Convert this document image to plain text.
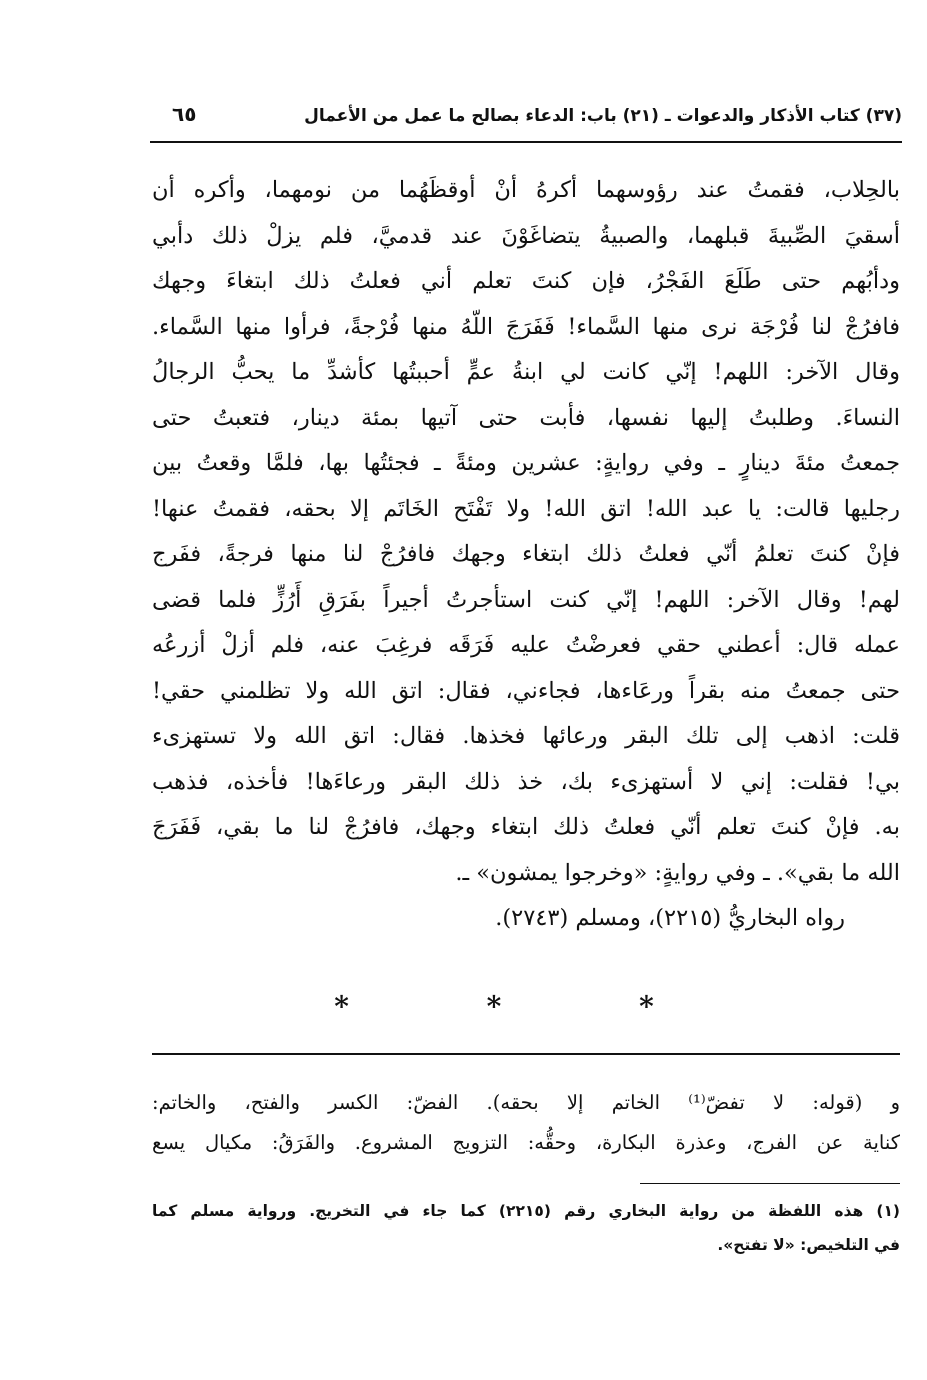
(٣٧) كتاب الأذكار والدعوات ـ (٢١) باب: الدعاء بصالح ما عمل من الأعمال
٦٥
بالحِلاب، فقمتُ عند رؤوسهما أكرهُ أنْ أوقظَهُما من نومهما، وأكره أن
أسقيَ الصِّبيةَ قبلهما، والصبيةُ يتضاغَوْنَ عند قدميَّ، فلم يزلْ ذلك دأبي
ودأبُهم حتى طَلَعَ الفَجْرُ، فإن كنتَ تعلم أني فعلتُ ذلك ابتغاءَ وجهك
فافرُجْ لنا فُرْجَة نرى منها السَّماء! فَفَرَجَ اللّهُ منها فُرْجةً، فرأوا منها السَّماء.
وقال الآخر: اللهم! إنّي كانت لي ابنةُ عمٍّ أحببتُها كأشدِّ ما يحبُّ الرجالُ
النساءَ. وطلبتُ إليها نفسها، فأبت حتى آتيها بمئة دينار، فتعبتُ حتى
جمعتُ مئةَ دينارٍ ـ وفي روايةٍ: عشرين ومئةً ـ فجئتُها بها، فلمَّا وقعتُ بين
رجليها قالت: يا عبد الله! اتق الله! ولا تَفْتَح الخَاتَم إلا بحقه، فقمتُ عنها!
فإنْ كنتَ تعلمُ أنّي فعلتُ ذلك ابتغاء وجهك فافرُجْ لنا منها فرجةً، ففَرج
لهم! وقال الآخر: اللهم! إنّي كنت استأجرتُ أجيراً بفَرَقِ أَرُزٍّ فلما قضى
عمله قال: أعطني حقي فعرضْتُ عليه فَرَقَه فرغِبَ عنه، فلم أزلْ أزرعُه
حتى جمعتُ منه بقراً ورعَاءها، فجاءني، فقال: اتق الله ولا تظلمني حقي!
قلت: اذهب إلى تلك البقر ورعائها فخذها. فقال: اتق الله ولا تستهزىء
بي! فقلت: إني لا أستهزىء بك، خذ ذلك البقر ورعاءَها! فأخذه، فذهب
به. فإنْ كنتَ تعلم أنّي فعلتُ ذلك ابتغاء وجهك، فافرُجْ لنا ما بقي، فَفَرَجَ
الله ما بقي». ـ وفي روايةٍ: «وخرجوا يمشون» ـ.
رواه البخاريُّ (٢٢١٥)، ومسلم (٢٧٤٣).
* * *
و (قوله: لا تفضّ⁽¹⁾ الخاتم إلا بحقه). الفضّ: الكسر والفتح، والخاتم:
كناية عن الفرج، وعذرة البكارة، وحقُّه: التزويج المشروع. والفَرَقُ: مكيال يسع
(١) هذه اللفظة من رواية البخاري رقم (٢٢١٥) كما جاء في التخريج. ورواية مسلم كما
في التلخيص: «لا تفتح».
